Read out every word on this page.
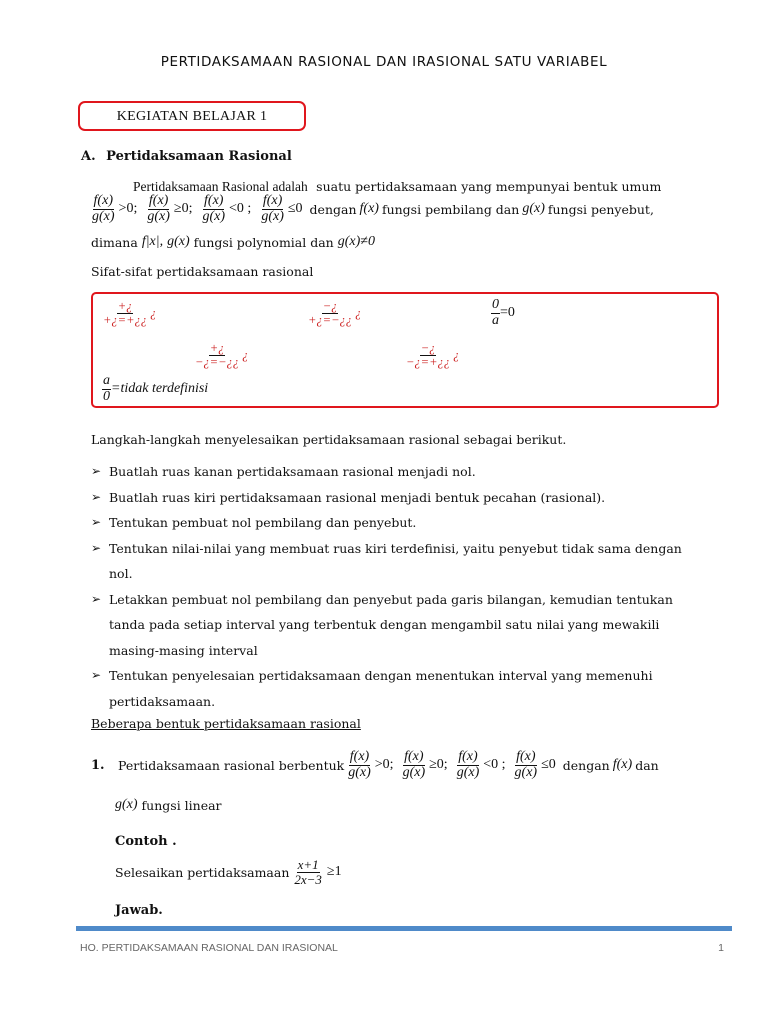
PERTIDAKSAMAAN RASIONAL DAN IRASIONAL SATU VARIABEL
KEGIATAN BELAJAR 1
A. Pertidaksamaan Rasional
Pertidaksamaan Rasional adalah suatu pertidaksamaan yang mempunyai bentuk umum
$\frac{f(x)}{g(x)} >0$; $\frac{f(x)}{g(x)} \ge 0$; $\frac{f(x)}{g(x)} <0$ ; $\frac{f(x)}{g(x)} \le 0$ dengan f(x) fungsi pembilang dan g(x) fungsi penyebut,
dimana f|x|, g(x) fungsi polynomial dan g(x)≠0
Sifat-sifat pertidaksamaan rasional
$\frac{+¿}{+¿=+¿¿}$ ¿	$\frac{-¿}{+¿=-¿¿}$ ¿	$\frac{0}{a} =0$
$\frac{+¿}{-¿=-¿¿}$ ¿	$\frac{-¿}{-¿=+¿¿}$ ¿
$\frac{a}{0}$ =tidak terdefinisi
Langkah-langkah menyelesaikan pertidaksamaan rasional sebagai berikut.
➢ Buatlah ruas kanan pertidaksamaan rasional menjadi nol.
➢ Buatlah ruas kiri pertidaksamaan rasional menjadi bentuk pecahan (rasional).
➢ Tentukan pembuat nol pembilang dan penyebut.
➢ Tentukan nilai-nilai yang membuat ruas kiri terdefinisi, yaitu penyebut tidak sama dengan
nol.
➢ Letakkan pembuat nol pembilang dan penyebut pada garis bilangan, kemudian tentukan
tanda pada setiap interval yang terbentuk dengan mengambil satu nilai yang mewakili
masing-masing interval
➢ Tentukan penyelesaian pertidaksamaan dengan menentukan interval yang memenuhi
pertidaksamaan.
Beberapa bentuk pertidaksamaan rasional
1.	Pertidaksamaan rasional berbentuk $\frac{f(x)}{g(x)} >0$; $\frac{f(x)}{g(x)} \ge 0$; $\frac{f(x)}{g(x)} <0$ ; $\frac{f(x)}{g(x)} \le 0$ dengan f(x) dan
g(x) fungsi linear
Contoh .
Selesaikan pertidaksamaan $\frac{x+1}{2x-3} \ge 1$
Jawab.
HO. PERTIDAKSAMAAN RASIONAL DAN IRASIONAL	1
